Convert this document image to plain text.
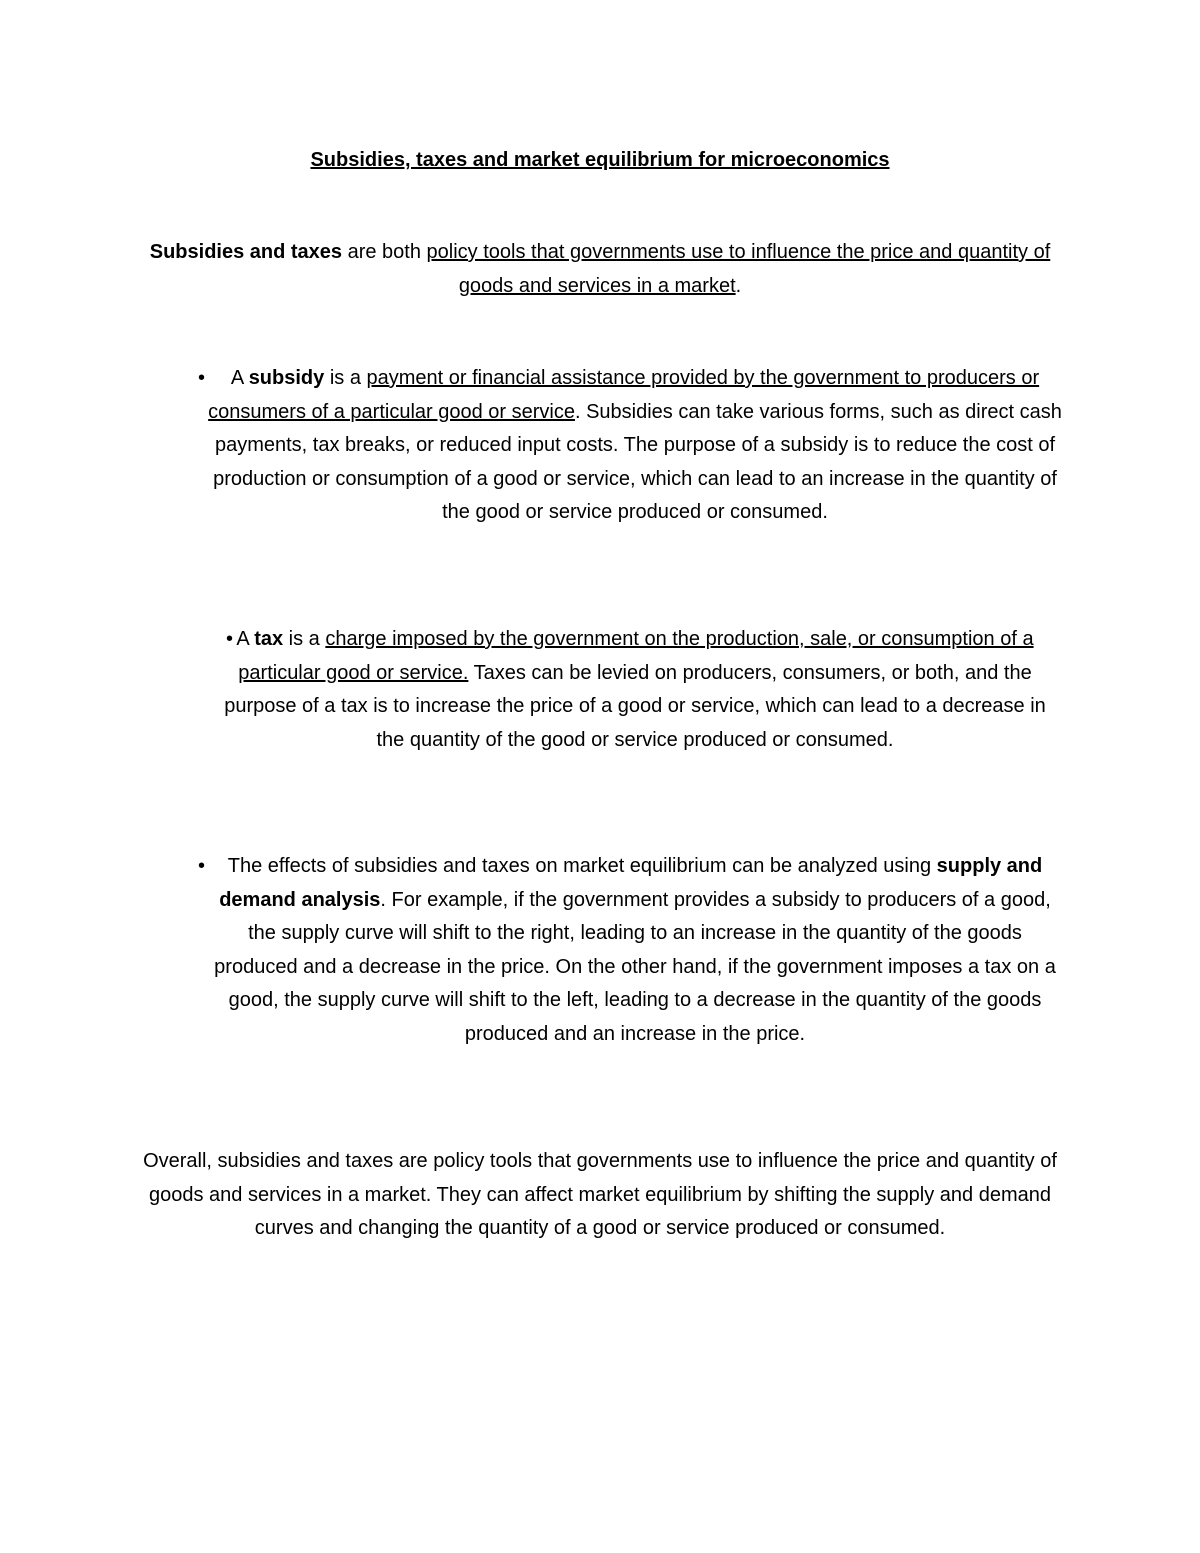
Subsidies, taxes and market equilibrium for microeconomics
Subsidies and taxes are both policy tools that governments use to influence the price and quantity of goods and services in a market.
•	A subsidy is a payment or financial assistance provided by the government to producers or consumers of a particular good or service. Subsidies can take various forms, such as direct cash payments, tax breaks, or reduced input costs. The purpose of a subsidy is to reduce the cost of production or consumption of a good or service, which can lead to an increase in the quantity of the good or service produced or consumed.
• A tax is a charge imposed by the government on the production, sale, or consumption of a particular good or service. Taxes can be levied on producers, consumers, or both, and the purpose of a tax is to increase the price of a good or service, which can lead to a decrease in the quantity of the good or service produced or consumed.
•	The effects of subsidies and taxes on market equilibrium can be analyzed using supply and demand analysis. For example, if the government provides a subsidy to producers of a good, the supply curve will shift to the right, leading to an increase in the quantity of the goods produced and a decrease in the price. On the other hand, if the government imposes a tax on a good, the supply curve will shift to the left, leading to a decrease in the quantity of the goods produced and an increase in the price.
Overall, subsidies and taxes are policy tools that governments use to influence the price and quantity of goods and services in a market. They can affect market equilibrium by shifting the supply and demand curves and changing the quantity of a good or service produced or consumed.
